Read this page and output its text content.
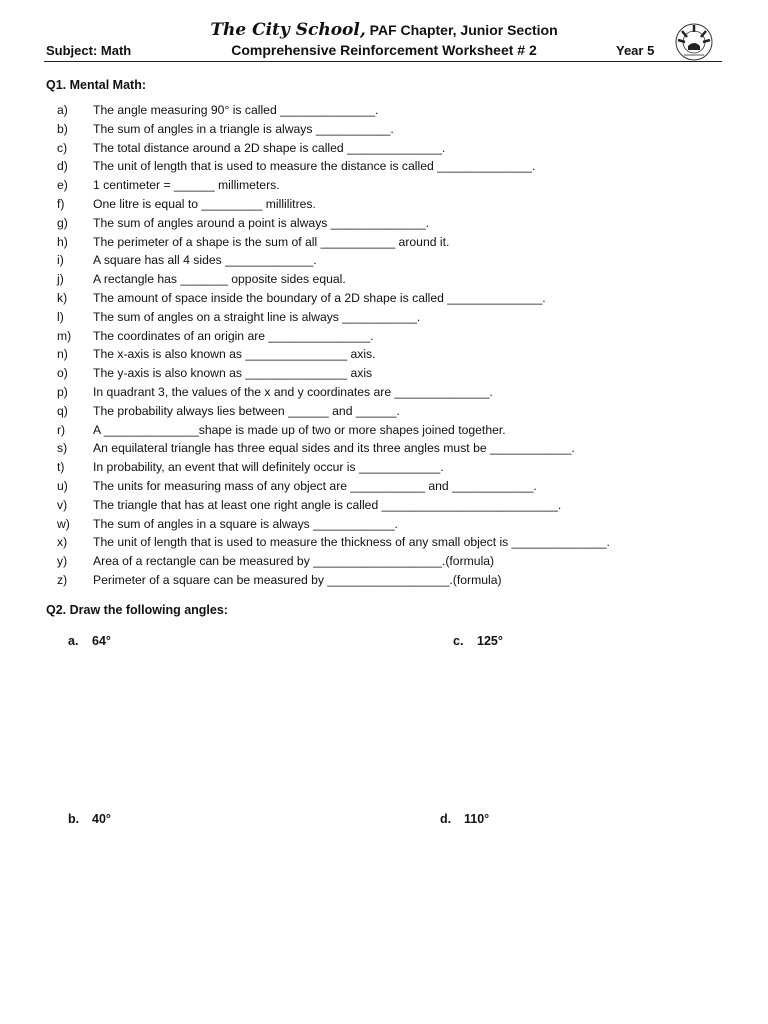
The City School, PAF Chapter, Junior Section
Subject: Math	Comprehensive Reinforcement Worksheet # 2	Year 5
Q1. Mental Math:
a) The angle measuring 90° is called ______________.
b) The sum of angles in a triangle is always ___________.
c) The total distance around a 2D shape is called ______________.
d) The unit of length that is used to measure the distance is called ______________.
e) 1 centimeter = ______ millimeters.
f) One litre is equal to _________ millilitres.
g) The sum of angles around a point is always ______________.
h) The perimeter of a shape is the sum of all ___________ around it.
i) A square has all 4 sides _____________.
j) A rectangle has _______ opposite sides equal.
k) The amount of space inside the boundary of a 2D shape is called ______________.
l) The sum of angles on a straight line is always ___________.
m) The coordinates of an origin are _______________.
n) The x-axis is also known as _______________ axis.
o) The y-axis is also known as _______________ axis
p) In quadrant 3, the values of the x and y coordinates are ______________.
q) The probability always lies between ______ and ______.
r) A ______________shape is made up of two or more shapes joined together.
s) An equilateral triangle has three equal sides and its three angles must be ____________.
t) In probability, an event that will definitely occur is ____________.
u) The units for measuring mass of any object are ___________ and ____________.
v) The triangle that has at least one right angle is called __________________________.
w) The sum of angles in a square is always ____________.
x) The unit of length that is used to measure the thickness of any small object is ______________.
y) Area of a rectangle can be measured by ___________________.(formula)
z) Perimeter of a square can be measured by __________________.(formula)
Q2. Draw the following angles:
a. 64°	c. 125°
b. 40°	d. 110°
